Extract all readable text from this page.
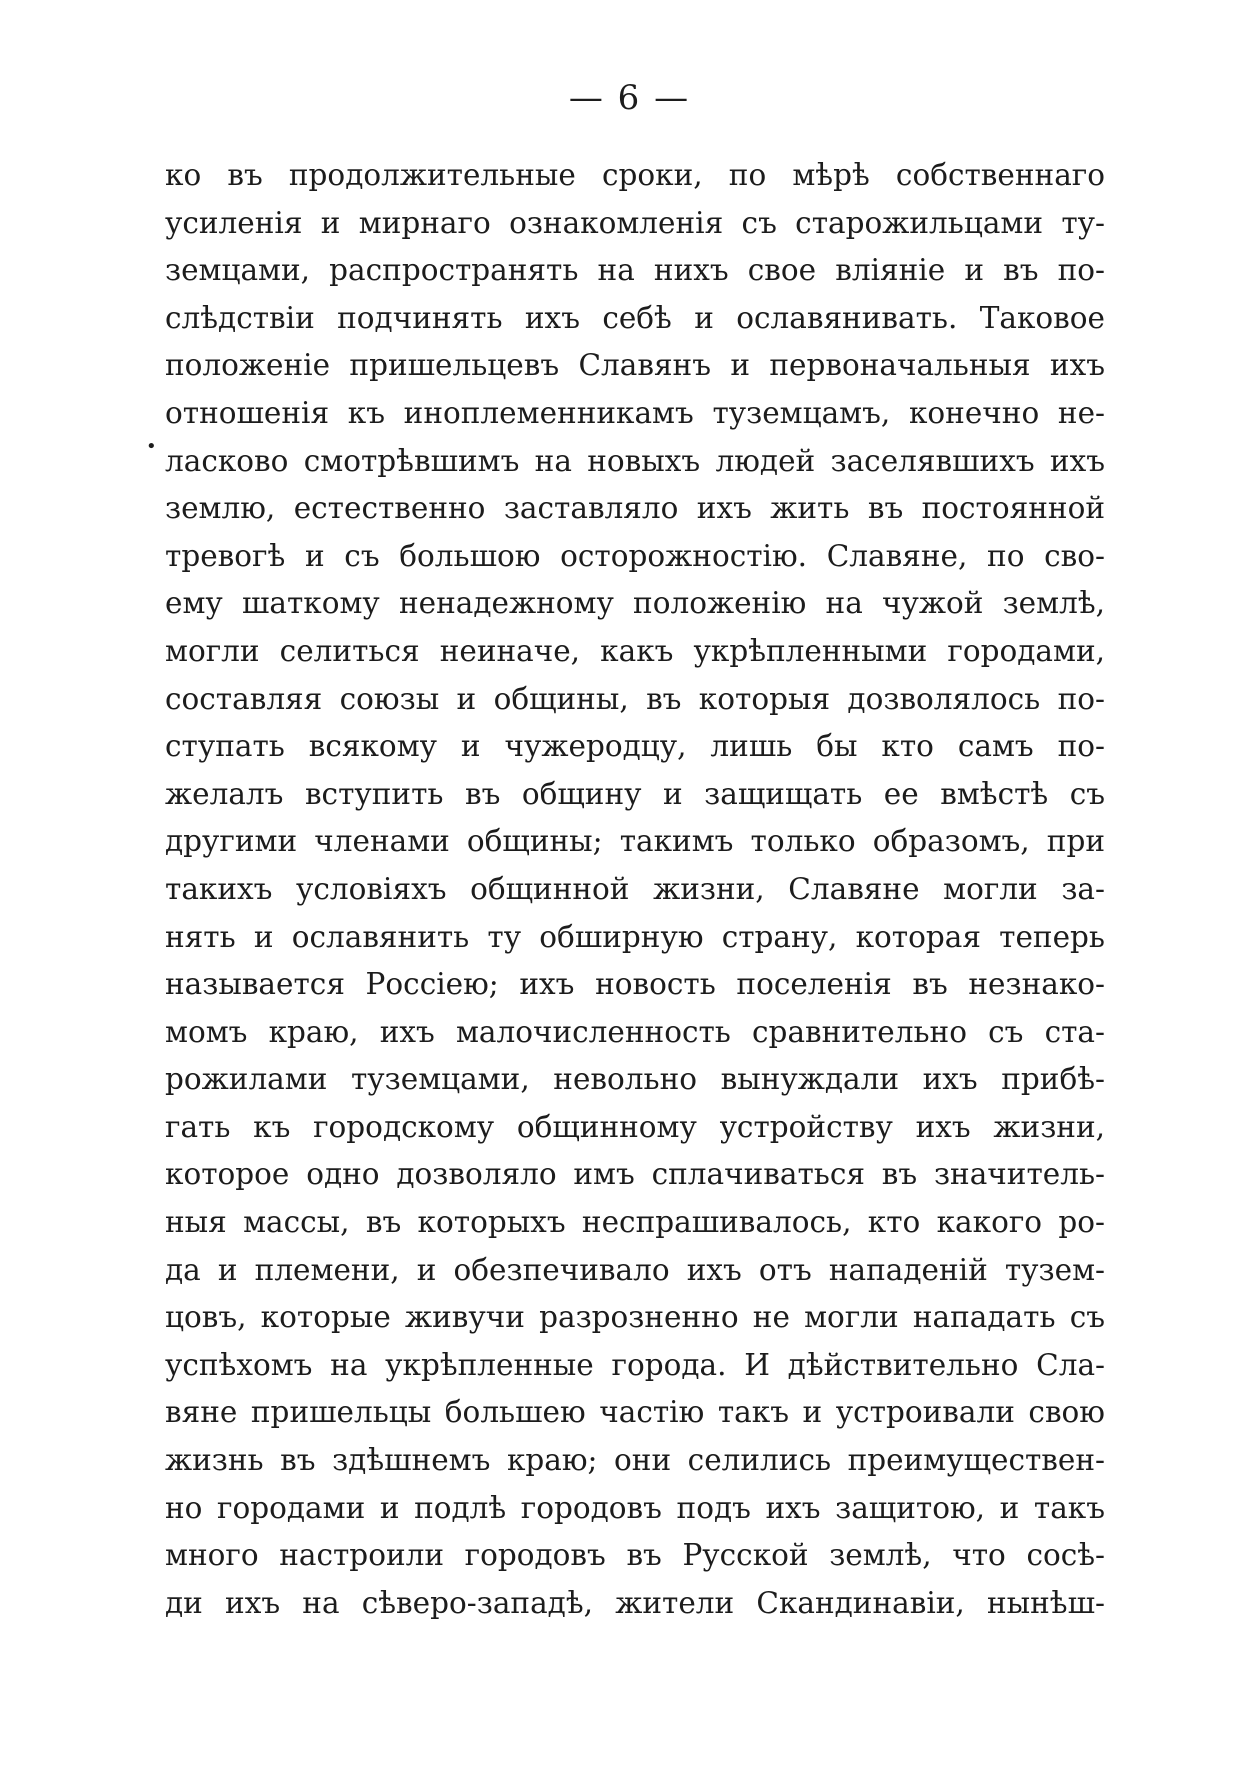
— 6 —
•
ко въ продолжительные сроки, по мѣрѣ собственнаго
усиленія и мирнаго ознакомленія съ старожильцами ту-
земцами, распространять на нихъ свое вліяніе и въ по-
слѣдствіи подчинять ихъ себѣ и ославянивать. Таковое
положеніе пришельцевъ Славянъ и первоначальныя ихъ
отношенія къ иноплеменникамъ туземцамъ, конечно не-
ласково смотрѣвшимъ на новыхъ людей заселявшихъ ихъ
землю, естественно заставляло ихъ жить въ постоянной
тревогѣ и съ большою осторожностію. Славяне, по сво-
ему шаткому ненадежному положенію на чужой землѣ,
могли селиться неиначе, какъ укрѣпленными городами,
составляя союзы и общины, въ которыя дозволялось по-
ступать всякому и чужеродцу, лишь бы кто самъ по-
желалъ вступить въ общину и защищать ее вмѣстѣ съ
другими членами общины; такимъ только образомъ, при
такихъ условіяхъ общинной жизни, Славяне могли за-
нять и ославянить ту обширную страну, которая теперь
называется Россіею; ихъ новость поселенія въ незнако-
момъ краю, ихъ малочисленность сравнительно съ ста-
рожилами туземцами, невольно вынуждали ихъ прибѣ-
гать къ городскому общинному устройству ихъ жизни,
которое одно дозволяло имъ сплачиваться въ значитель-
ныя массы, въ которыхъ неспрашивалось, кто какого ро-
да и племени, и обезпечивало ихъ отъ нападеній тузем-
цовъ, которые живучи разрозненно не могли нападать съ
успѣхомъ на укрѣпленные города. И дѣйствительно Сла-
вяне пришельцы большею частію такъ и устроивали свою
жизнь въ здѣшнемъ краю; они селились преимуществен-
но городами и подлѣ городовъ подъ ихъ защитою, и такъ
много настроили городовъ въ Русской землѣ, что сосѣ-
ди ихъ на сѣверо-западѣ, жители Скандинавіи, нынѣш-
